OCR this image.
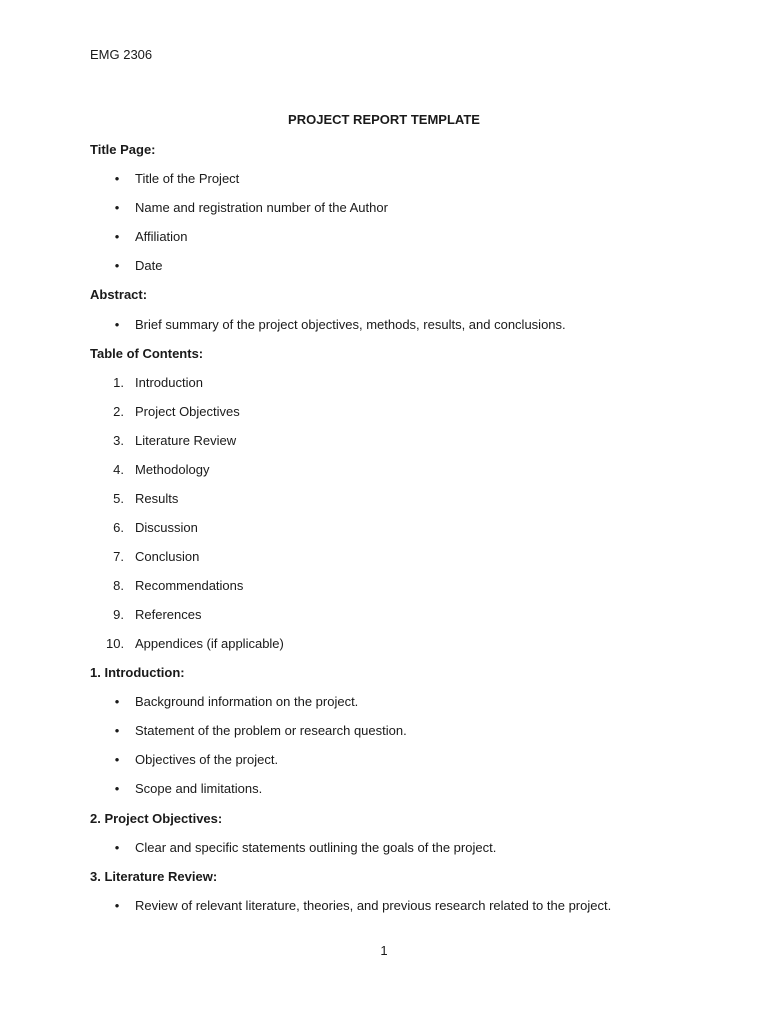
EMG 2306
PROJECT REPORT TEMPLATE
Title Page:
• Title of the Project
• Name and registration number of the Author
• Affiliation
• Date
Abstract:
• Brief summary of the project objectives, methods, results, and conclusions.
Table of Contents:
1. Introduction
2. Project Objectives
3. Literature Review
4. Methodology
5. Results
6. Discussion
7. Conclusion
8. Recommendations
9. References
10. Appendices (if applicable)
1. Introduction:
• Background information on the project.
• Statement of the problem or research question.
• Objectives of the project.
• Scope and limitations.
2. Project Objectives:
• Clear and specific statements outlining the goals of the project.
3. Literature Review:
• Review of relevant literature, theories, and previous research related to the project.
1
